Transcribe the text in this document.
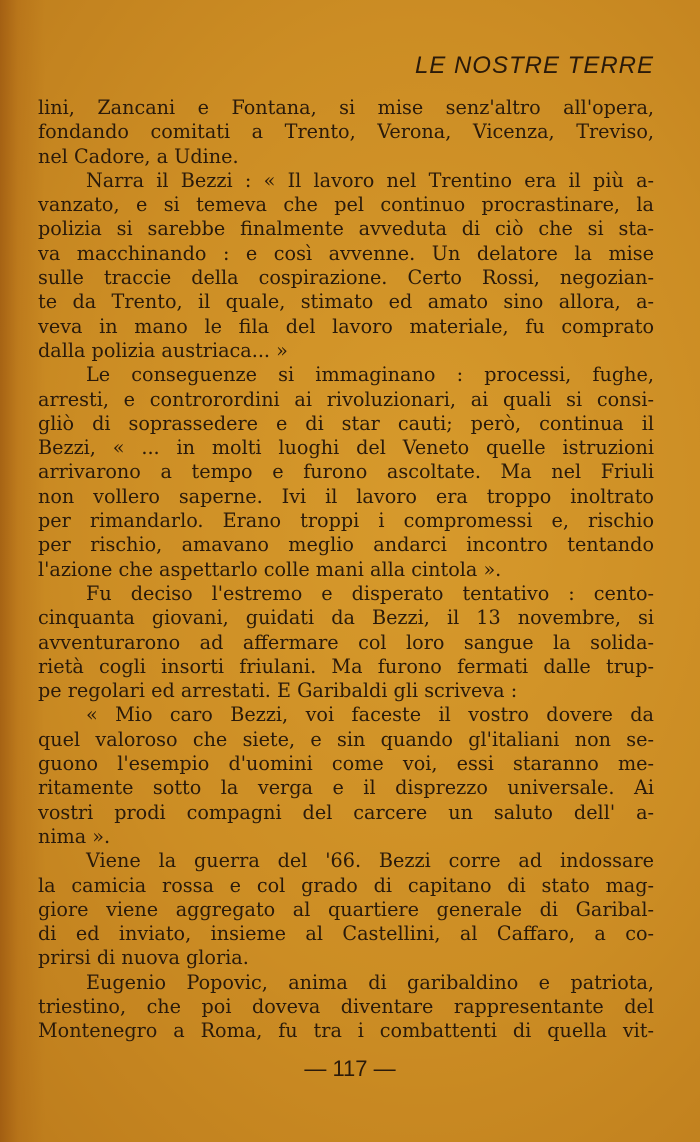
LE NOSTRE TERRE
lini, Zancani e Fontana, si mise senz'altro all'opera,
fondando comitati a Trento, Verona, Vicenza, Treviso,
nel Cadore, a Udine.
Narra il Bezzi : « Il lavoro nel Trentino era il più a-
vanzato, e si temeva che pel continuo procrastinare, la
polizia si sarebbe finalmente avveduta di ciò che si sta-
va macchinando : e così avvenne. Un delatore la mise
sulle traccie della cospirazione. Certo Rossi, negozian-
te da Trento, il quale, stimato ed amato sino allora, a-
veva in mano le fila del lavoro materiale, fu comprato
dalla polizia austriaca... »
Le conseguenze si immaginano : processi, fughe,
arresti, e controrordini ai rivoluzionari, ai quali si consi-
gliò di soprassedere e di star cauti; però, continua il
Bezzi, « ... in molti luoghi del Veneto quelle istruzioni
arrivarono a tempo e furono ascoltate. Ma nel Friuli
non vollero saperne. Ivi il lavoro era troppo inoltrato
per rimandarlo. Erano troppi i compromessi e, rischio
per rischio, amavano meglio andarci incontro tentando
l'azione che aspettarlo colle mani alla cintola ».
Fu deciso l'estremo e disperato tentativo : cento-
cinquanta giovani, guidati da Bezzi, il 13 novembre, si
avventurarono ad affermare col loro sangue la solida-
rietà cogli insorti friulani. Ma furono fermati dalle trup-
pe regolari ed arrestati. E Garibaldi gli scriveva :
« Mio caro Bezzi, voi faceste il vostro dovere da
quel valoroso che siete, e sin quando gl'italiani non se-
guono l'esempio d'uomini come voi, essi staranno me-
ritamente sotto la verga e il disprezzo universale. Ai
vostri prodi compagni del carcere un saluto dell' a-
nima ».
Viene la guerra del '66. Bezzi corre ad indossare
la camicia rossa e col grado di capitano di stato mag-
giore viene aggregato al quartiere generale di Garibal-
di ed inviato, insieme al Castellini, al Caffaro, a co-
prirsi di nuova gloria.
Eugenio Popovic, anima di garibaldino e patriota,
triestino, che poi doveva diventare rappresentante del
Montenegro a Roma, fu tra i combattenti di quella vit-
— 117 —
